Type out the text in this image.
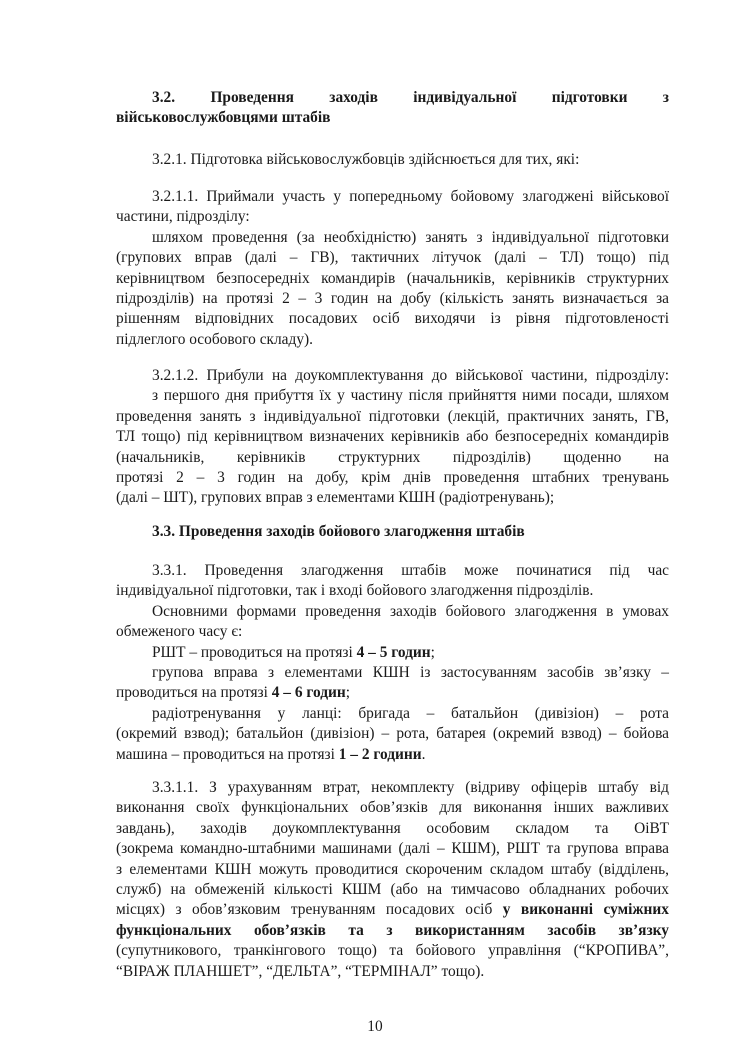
3.2. Проведення заходів індивідуальної підготовки з

військовослужбовцями штабів

3.2.1. Підготовка військовослужбовців здійснюється для тих, які:

3.2.1.1. Приймали участь у попередньому бойовому злагоджені військової

частини, підрозділу:

шляхом проведення (за необхідністю) занять з індивідуальної підготовки

(групових вправ (далі – ГВ), тактичних літучок (далі – ТЛ) тощо) під

керівництвом безпосередніх командирів (начальників, керівників структурних

підрозділів) на протязі 2 – 3 годин на добу (кількість занять визначається за

рішенням відповідних посадових осіб виходячи із рівня підготовленості

підлеглого особового складу).

3.2.1.2. Прибули на доукомплектування до військової частини, підрозділу:

з першого дня прибуття їх у частину після прийняття ними посади, шляхом

проведення занять з індивідуальної підготовки (лекцій, практичних занять, ГВ,

ТЛ тощо) під керівництвом визначених керівників або безпосередніх командирів

(начальників, керівників структурних підрозділів) щоденно на

протязі 2 – 3 годин на добу, крім днів проведення штабних тренувань

(далі – ШТ), групових вправ з елементами КШН (радіотренувань);

3.3. Проведення заходів бойового злагодження штабів

3.3.1. Проведення злагодження штабів може починатися під час

індивідуальної підготовки, так і вході бойового злагодження підрозділів.

Основними формами проведення заходів бойового злагодження в умовах

обмеженого часу є:

РШТ – проводиться на протязі 4 – 5 годин;

групова вправа з елементами КШН із застосуванням засобів зв’язку –

проводиться на протязі 4 – 6 годин;

радіотренування у ланці: бригада – батальйон (дивізіон) – рота

(окремий взвод); батальйон (дивізіон) – рота, батарея (окремий взвод) – бойова

машина – проводиться на протязі 1 – 2 години.

3.3.1.1. З урахуванням втрат, некомплекту (відриву офіцерів штабу від

виконання своїх функціональних обов’язків для виконання інших важливих

завдань), заходів доукомплектування особовим складом та ОіВТ

(зокрема командно-штабними машинами (далі – КШМ), РШТ та групова вправа

з елементами КШН можуть проводитися скороченим складом штабу (відділень,

служб) на обмеженій кількості КШМ (або на тимчасово обладнаних робочих

місцях) з обов’язковим тренуванням посадових осіб у виконанні суміжних

функціональних обов’язків та з використанням засобів зв’язку

(супутникового, транкінгового тощо) та бойового управління (“КРОПИВА”,

“ВІРАЖ ПЛАНШЕТ”, “ДЕЛЬТА”, “ТЕРМІНАЛ” тощо).

10
